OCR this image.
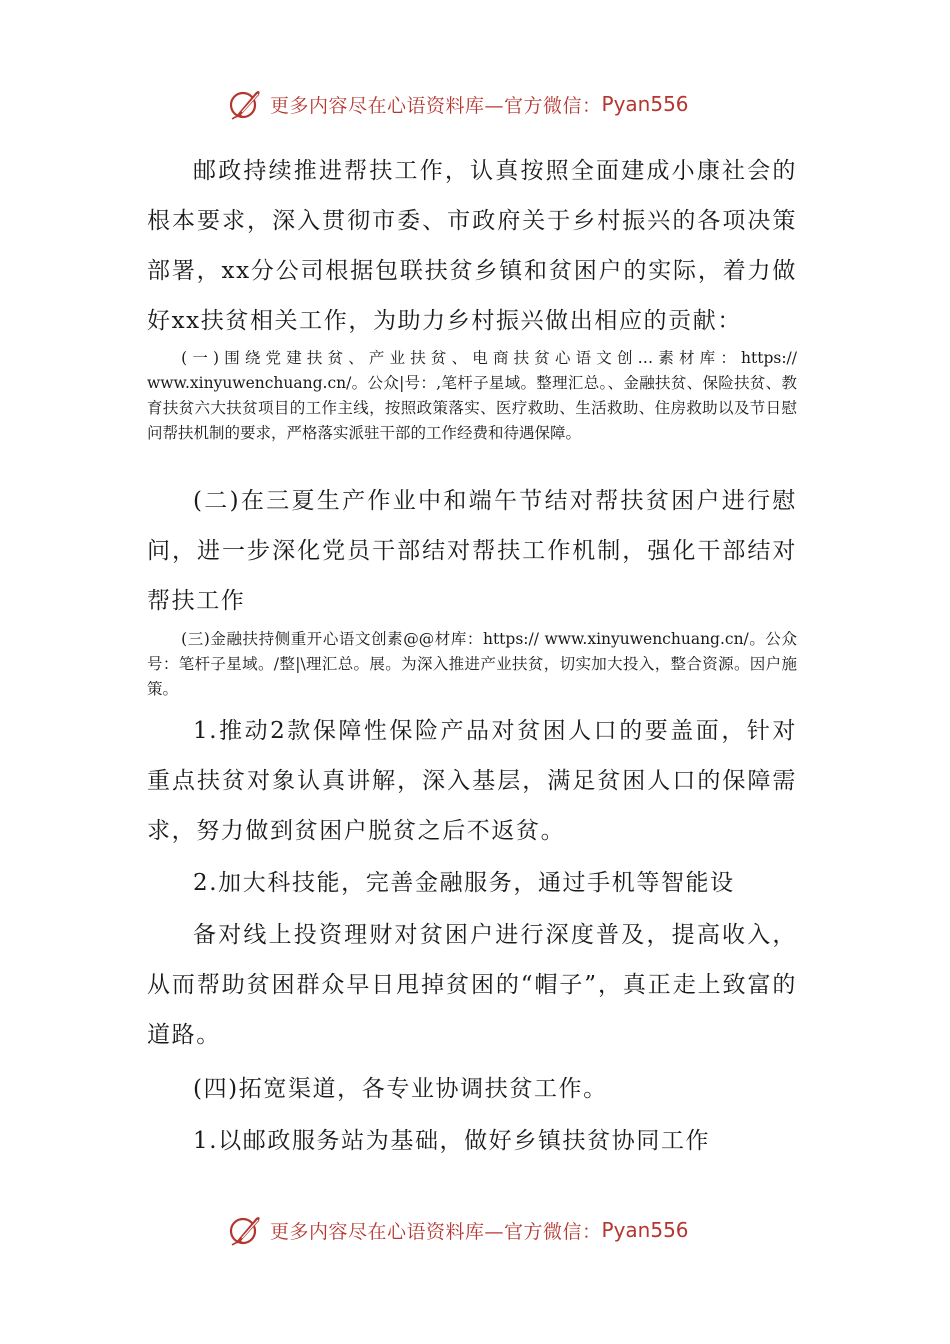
更多内容尽在心语资料库—官方微信： Pyan556

邮政持续推进帮扶工作，认真按照全面建成小康社会的根本要求，深入贯彻市委、市政府关于乡村振兴的各项决策部署，xx分公司根据包联扶贫乡镇和贫困户的实际，着力做好xx扶贫相关工作，为助力乡村振兴做出相应的贡献：

(一)围绕党建扶贫、产业扶贫、电商扶贫心语文创…素材库：https:// www.xinyuwenchuang.cn/。公众|号：,笔杆子星域。整理汇总。、金融扶贫、保险扶贫、教育扶贫六大扶贫项目的工作主线，按照政策落实、医疗救助、生活救助、住房救助以及节日慰问帮扶机制的要求，严格落实派驻干部的工作经费和待遇保障。

(二)在三夏生产作业中和端午节结对帮扶贫困户进行慰问，进一步深化党员干部结对帮扶工作机制，强化干部结对帮扶工作

(三)金融扶持侧重开心语文创素@@材库：https:// www.xinyuwenchuang.cn/。公众号：笔杆子星域。/整|\理汇总。展。为深入推进产业扶贫，切实加大投入，整合资源。因户施策。

1.推动2款保障性保险产品对贫困人口的要盖面，针对重点扶贫对象认真讲解，深入基层，满足贫困人口的保障需求，努力做到贫困户脱贫之后不返贫。

2.加大科技能，完善金融服务，通过手机等智能设

备对线上投资理财对贫困户进行深度普及，提高收入，从而帮助贫困群众早日甩掉贫困的“帽子”，真正走上致富的道路。

(四)拓宽渠道，各专业协调扶贫工作。

1.以邮政服务站为基础，做好乡镇扶贫协同工作

更多内容尽在心语资料库—官方微信： Pyan556
